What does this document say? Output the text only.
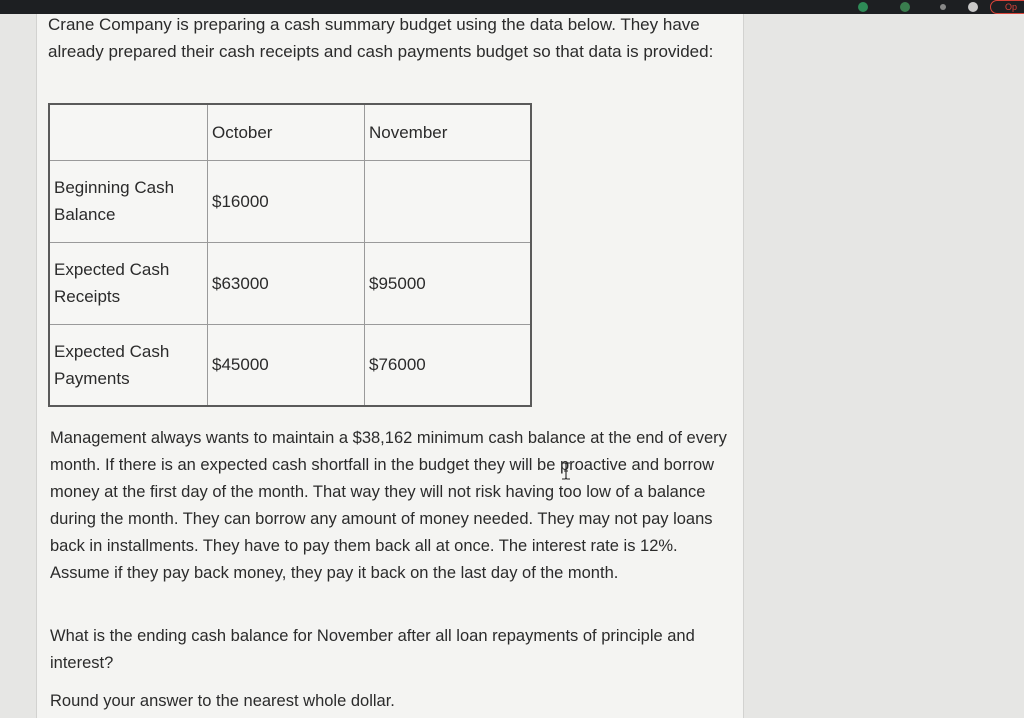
Op

Crane Company is preparing a cash summary budget using the data below. They have already prepared their cash receipts and cash payments budget so that data is provided:

	October	November
Beginning Cash Balance	$16000	
Expected Cash Receipts	$63000	$95000
Expected Cash Payments	$45000	$76000

Management always wants to maintain a $38,162 minimum cash balance at the end of every month. If there is an expected cash shortfall in the budget they will be proactive and borrow money at the first day of the month. That way they will not risk having too low of a balance during the month. They can borrow any amount of money needed. They may not pay loans back in installments. They have to pay them back all at once. The interest rate is 12%. Assume if they pay back money, they pay it back on the last day of the month.

What is the ending cash balance for November after all loan repayments of principle and interest?

Round your answer to the nearest whole dollar.
